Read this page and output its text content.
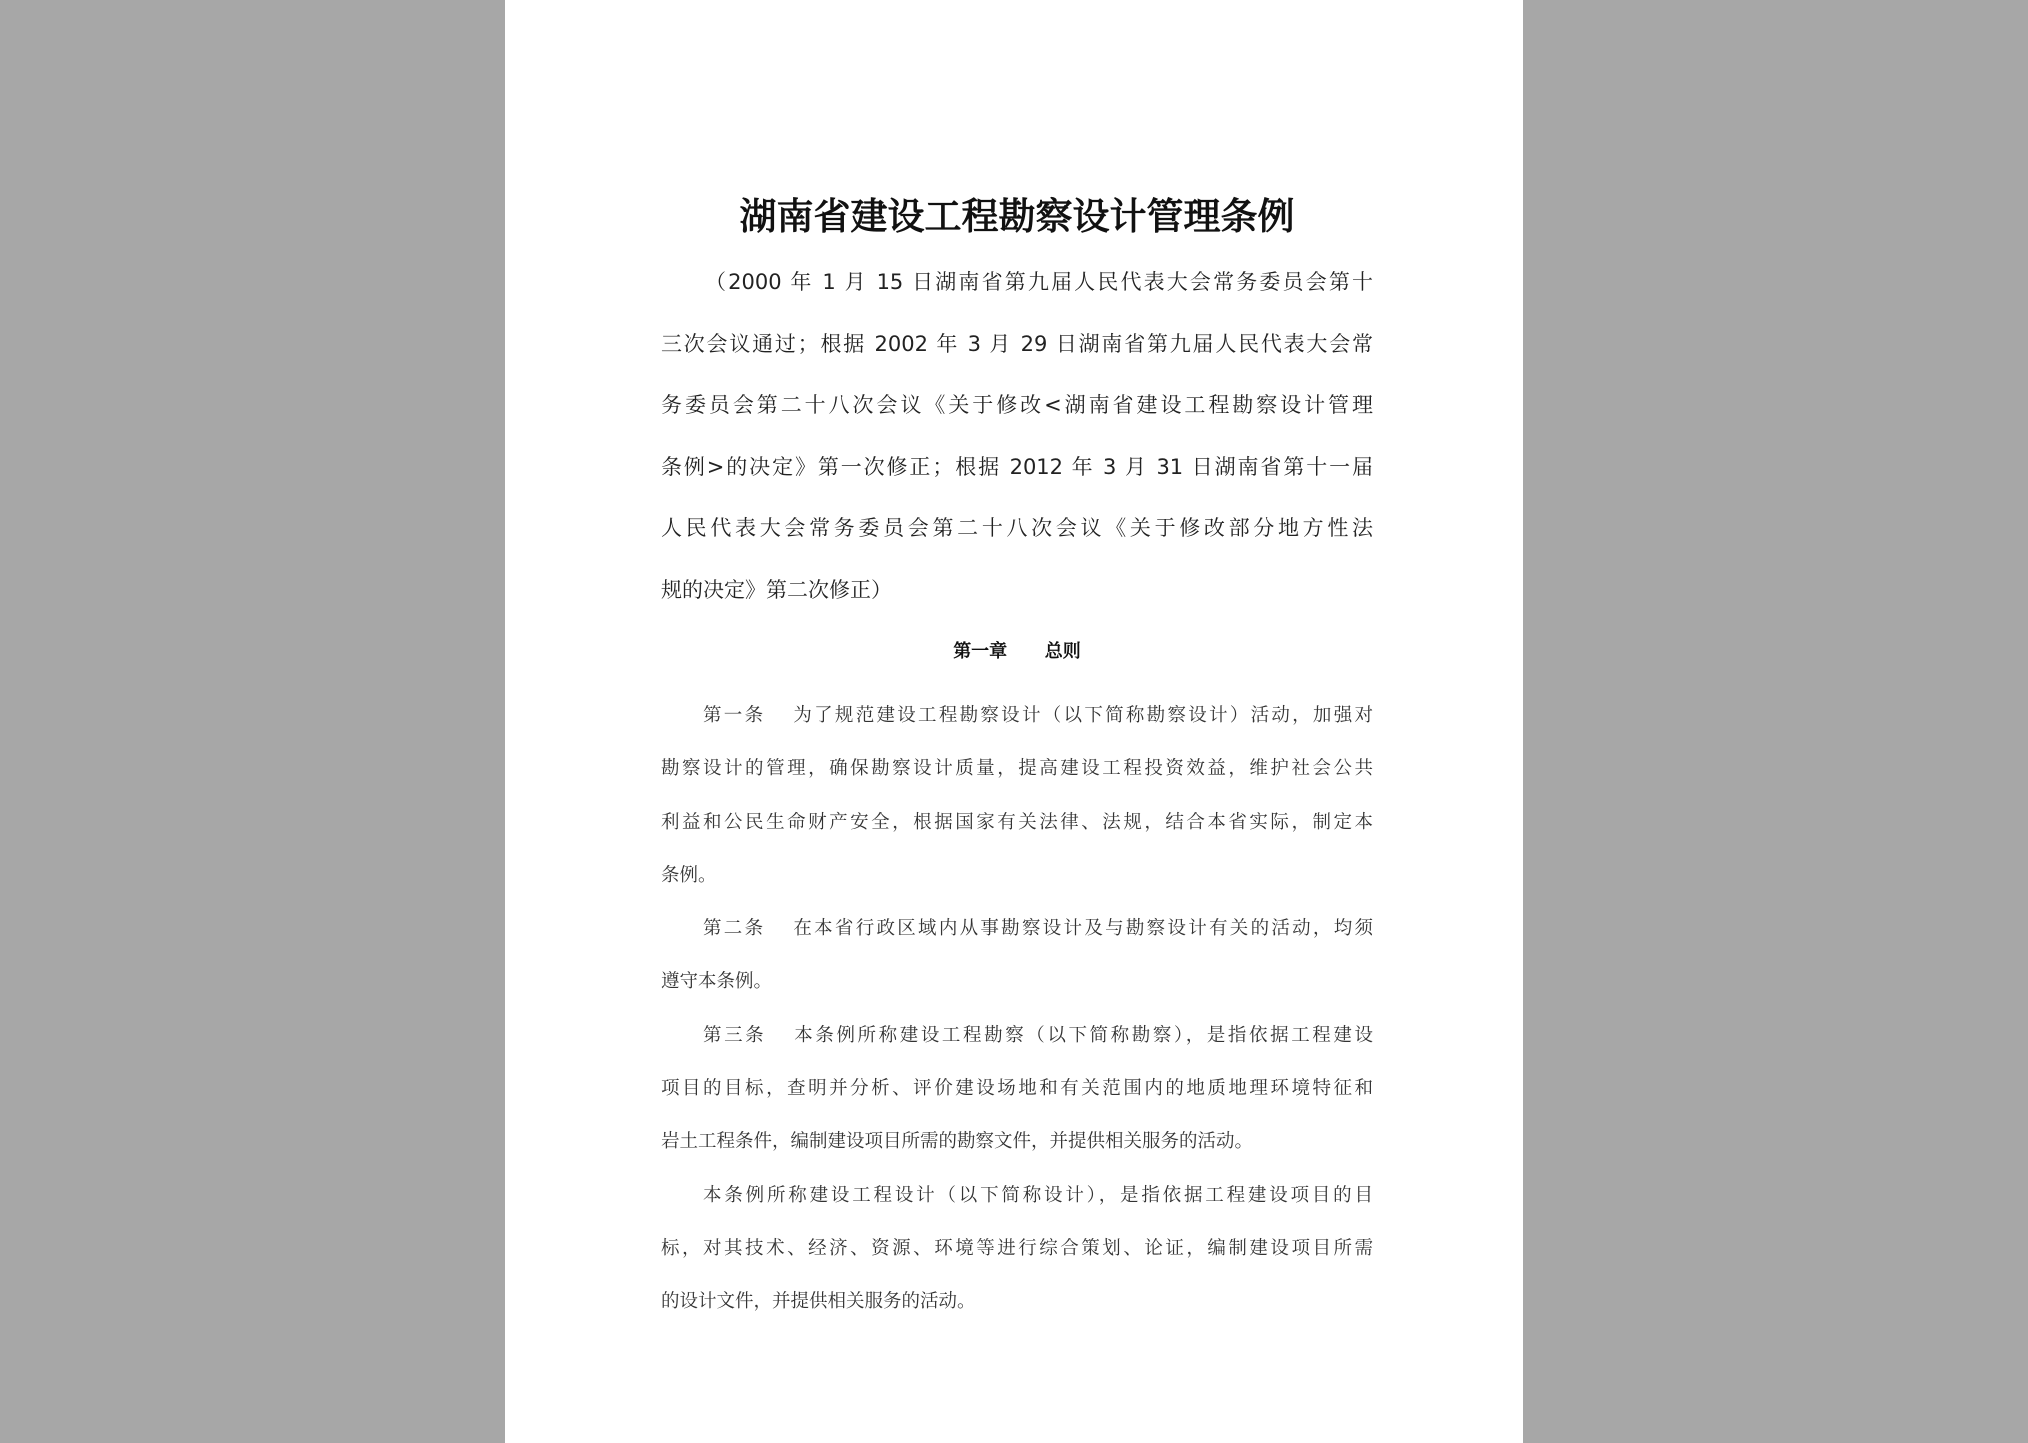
湖南省建设工程勘察设计管理条例

（2000 年 1 月 15 日湖南省第九届人民代表大会常务委员会第十
三次会议通过；根据 2002 年 3 月 29 日湖南省第九届人民代表大会常
务委员会第二十八次会议《关于修改<湖南省建设工程勘察设计管理
条例>的决定》第一次修正；根据 2012 年 3 月 31 日湖南省第十一届
人民代表大会常务委员会第二十八次会议《关于修改部分地方性法
规的决定》第二次修正）

第一章      总则
第一条 为了规范建设工程勘察设计（以下简称勘察设计）活动，加强对
勘察设计的管理，确保勘察设计质量，提高建设工程投资效益，维护社会公共
利益和公民生命财产安全，根据国家有关法律、法规，结合本省实际，制定本
条例。
第二条 在本省行政区域内从事勘察设计及与勘察设计有关的活动，均须
遵守本条例。
第三条 本条例所称建设工程勘察（以下简称勘察），是指依据工程建设
项目的目标，查明并分析、评价建设场地和有关范围内的地质地理环境特征和
岩土工程条件，编制建设项目所需的勘察文件，并提供相关服务的活动。
本条例所称建设工程设计（以下简称设计），是指依据工程建设项目的目
标，对其技术、经济、资源、环境等进行综合策划、论证，编制建设项目所需
的设计文件，并提供相关服务的活动。
